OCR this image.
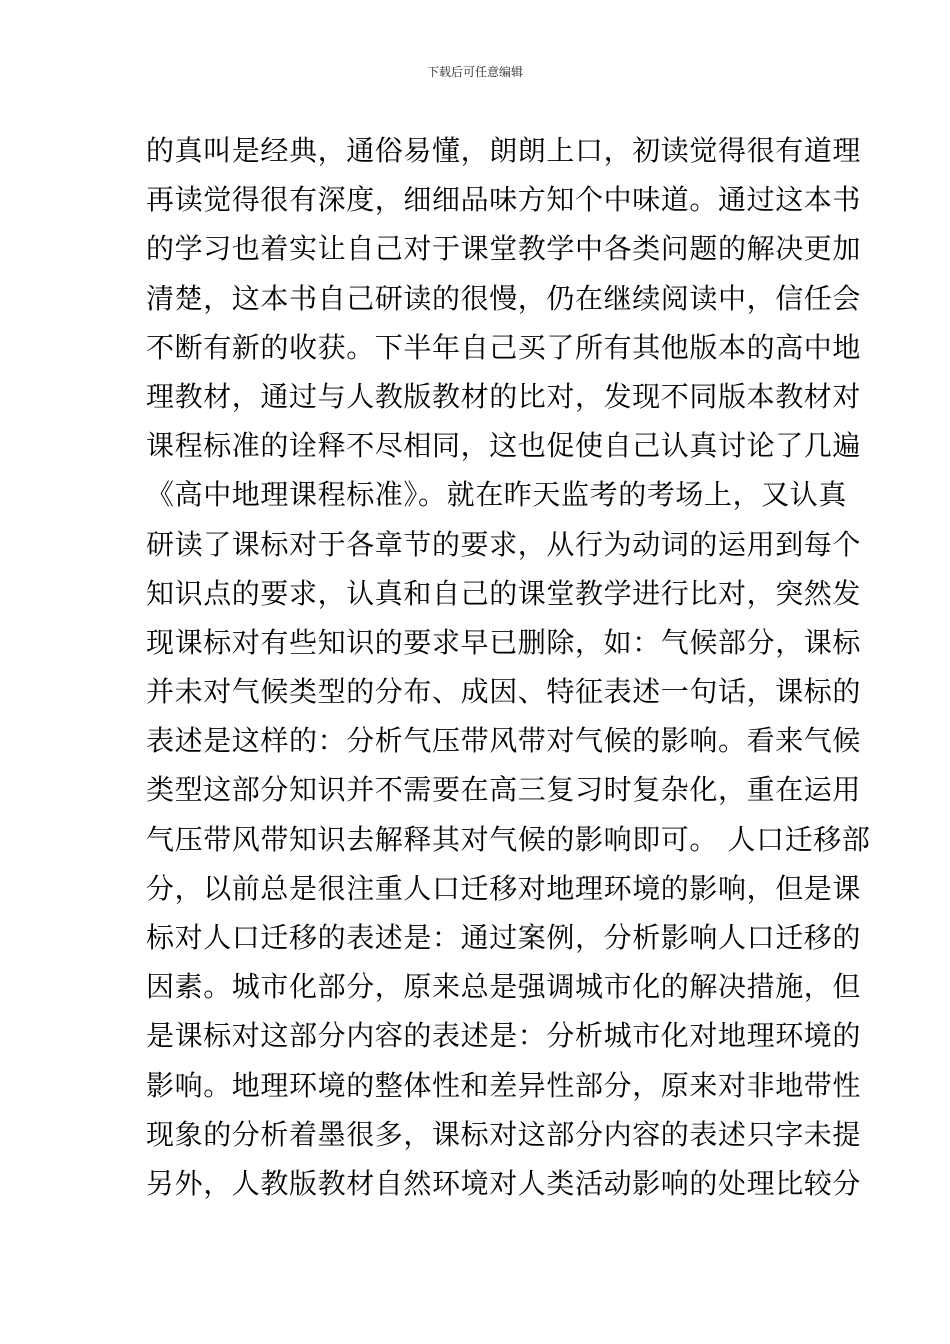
下载后可任意编辑
的真叫是经典，通俗易懂，朗朗上口，初读觉得很有道理
再读觉得很有深度，细细品味方知个中味道。通过这本书
的学习也着实让自己对于课堂教学中各类问题的解决更加
清楚，这本书自己研读的很慢，仍在继续阅读中，信任会
不断有新的收获。下半年自己买了所有其他版本的高中地
理教材，通过与人教版教材的比对，发现不同版本教材对
课程标准的诠释不尽相同，这也促使自己认真讨论了几遍
《高中地理课程标准》。就在昨天监考的考场上，又认真
研读了课标对于各章节的要求，从行为动词的运用到每个
知识点的要求，认真和自己的课堂教学进行比对，突然发
现课标对有些知识的要求早已删除，如：气候部分，课标
并未对气候类型的分布、成因、特征表述一句话，课标的
表述是这样的：分析气压带风带对气候的影响。看来气候
类型这部分知识并不需要在高三复习时复杂化，重在运用
气压带风带知识去解释其对气候的影响即可。 人口迁移部
分，以前总是很注重人口迁移对地理环境的影响，但是课
标对人口迁移的表述是：通过案例，分析影响人口迁移的
因素。城市化部分，原来总是强调城市化的解决措施，但
是课标对这部分内容的表述是：分析城市化对地理环境的
影响。地理环境的整体性和差异性部分，原来对非地带性
现象的分析着墨很多，课标对这部分内容的表述只字未提
另外，人教版教材自然环境对人类活动影响的处理比较分
